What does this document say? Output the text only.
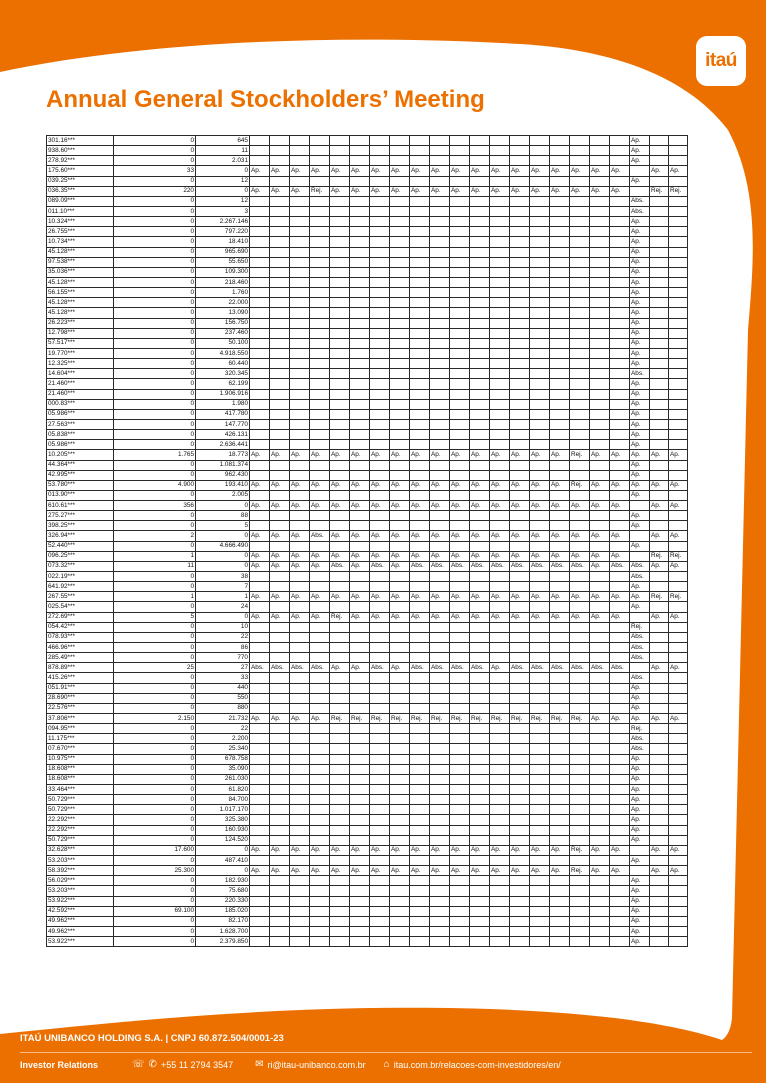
itaú
Annual General Stockholders’ Meeting
301.16***	0	645																				Ap.		
938.60***	0	11																				Ap.		
278.92***	0	2.031																				Ap.		
175.60***	33	0	Ap.	Ap.	Ap.	Ap.	Ap.	Ap.	Ap.	Ap.	Ap.	Ap.	Ap.	Ap.	Ap.	Ap.	Ap.	Ap.	Ap.	Ap.	Ap.		Ap.	Ap.
039.25***	0	12																				Ap.		
036.35***	220	0	Ap.	Ap.	Ap.	Rej.	Ap.	Ap.	Ap.	Ap.	Ap.	Ap.	Ap.	Ap.	Ap.	Ap.	Ap.	Ap.	Ap.	Ap.	Ap.		Rej.	Rej.
089.09***	0	12																				Abs.		
011.10***	0	3																				Abs.		
10.324***	0	2.267.146																				Ap.		
26.755***	0	797.220																				Ap.		
10.734***	0	18.410																				Ap.		
45.128***	0	965.690																				Ap.		
97.538***	0	55.650																				Ap.		
35.036***	0	109.300																				Ap.		
45.128***	0	218.460																				Ap.		
56.155***	0	1.760																				Ap.		
45.128***	0	22.000																				Ap.		
45.128***	0	13.090																				Ap.		
26.223***	0	156.750																				Ap.		
12.798***	0	237.460																				Ap.		
57.517***	0	50.100																				Ap.		
19.770***	0	4.918.550																				Ap.		
12.325***	0	60.440																				Ap.		
14.604***	0	320.345																				Abs.		
21.460***	0	62.199																				Ap.		
21.460***	0	1.906.916																				Ap.		
000.83***	0	1.980																				Ap.		
05.986***	0	417.780																				Ap.		
27.563***	0	147.770																				Ap.		
05.838***	0	426.131																				Ap.		
05.986***	0	2.636.441																				Ap.		
10.205***	1.765	18.773	Ap.	Ap.	Ap.	Ap.	Ap.	Ap.	Ap.	Ap.	Ap.	Ap.	Ap.	Ap.	Ap.	Ap.	Ap.	Ap.	Rej.	Ap.	Ap.	Ap.	Ap.	Ap.
44.364***	0	1.081.374																				Ap.		
42.995***	0	962.430																				Ap.		
53.780***	4.900	193.410	Ap.	Ap.	Ap.	Ap.	Ap.	Ap.	Ap.	Ap.	Ap.	Ap.	Ap.	Ap.	Ap.	Ap.	Ap.	Ap.	Rej.	Ap.	Ap.	Ap.	Ap.	Ap.
013.90***	0	2.005																				Ap.		
610.61***	356	0	Ap.	Ap.	Ap.	Ap.	Ap.	Ap.	Ap.	Ap.	Ap.	Ap.	Ap.	Ap.	Ap.	Ap.	Ap.	Ap.	Ap.	Ap.	Ap.		Ap.	Ap.
275.27***	0	88																				Ap.		
398.25***	0	5																				Ap.		
326.94***	2	0	Ap.	Ap.	Ap.	Abs.	Ap.	Ap.	Ap.	Ap.	Ap.	Ap.	Ap.	Ap.	Ap.	Ap.	Ap.	Ap.	Ap.	Ap.	Ap.		Ap.	Ap.
52.440***	0	4.666.490																				Ap.		
096.25***	1	0	Ap.	Ap.	Ap.	Ap.	Ap.	Ap.	Ap.	Ap.	Ap.	Ap.	Ap.	Ap.	Ap.	Ap.	Ap.	Ap.	Ap.	Ap.	Ap.		Rej.	Rej.
073.32***	11	0	Ap.	Ap.	Ap.	Ap.	Abs.	Ap.	Abs.	Ap.	Abs.	Abs.	Abs.	Abs.	Abs.	Abs.	Abs.	Abs.	Abs.	Ap.	Abs.	Abs.	Ap.	Ap.
022.19***	0	38																				Abs.		
641.92***	0	7																				Ap.		
267.55***	1	1	Ap.	Ap.	Ap.	Ap.	Ap.	Ap.	Ap.	Ap.	Ap.	Ap.	Ap.	Ap.	Ap.	Ap.	Ap.	Ap.	Ap.	Ap.	Ap.	Ap.	Rej.	Rej.
025.54***	0	24																				Ap.		
272.69***	5	0	Ap.	Ap.	Ap.	Ap.	Rej.	Ap.	Ap.	Ap.	Ap.	Ap.	Ap.	Ap.	Ap.	Ap.	Ap.	Ap.	Ap.	Ap.	Ap.		Ap.	Ap.
054.42***	0	10																				Rej.		
078.93***	0	22																				Abs.		
466.96***	0	86																				Abs.		
285.49***	0	770																				Abs.		
878.89***	25	27	Abs.	Abs.	Abs.	Abs.	Ap.	Ap.	Abs.	Ap.	Abs.	Abs.	Abs.	Abs.	Ap.	Abs.	Abs.	Abs.	Abs.	Abs.	Abs.		Ap.	Ap.
415.26***	0	33																				Abs.		
051.91***	0	440																				Ap.		
28.690***	0	550																				Ap.		
22.576***	0	880																				Ap.		
37.806***	2.150	21.732	Ap.	Ap.	Ap.	Ap.	Rej.	Rej.	Rej.	Rej.	Rej.	Rej.	Rej.	Rej.	Rej.	Rej.	Rej.	Rej.	Rej.	Ap.	Ap.	Ap.	Ap.	Ap.
094.95***	0	22																				Rej.		
11.175***	0	2.200																				Abs.		
07.670***	0	25.340																				Abs.		
10.975***	0	678.758																				Ap.		
18.608***	0	35.090																				Ap.		
18.608***	0	261.030																				Ap.		
33.464***	0	61.820																				Ap.		
50.729***	0	84.700																				Ap.		
50.729***	0	1.017.170																				Ap.		
22.292***	0	325.380																				Ap.		
22.292***	0	160.930																				Ap.		
50.729***	0	124.520																				Ap.		
32.628***	17.600	0	Ap.	Ap.	Ap.	Ap.	Ap.	Ap.	Ap.	Ap.	Ap.	Ap.	Ap.	Ap.	Ap.	Ap.	Ap.	Ap.	Rej.	Ap.	Ap.		Ap.	Ap.
53.203***	0	487.410																				Ap.		
58.392***	25.300	0	Ap.	Ap.	Ap.	Ap.	Ap.	Ap.	Ap.	Ap.	Ap.	Ap.	Ap.	Ap.	Ap.	Ap.	Ap.	Ap.	Rej.	Ap.	Ap.		Ap.	Ap.
56.029***	0	182.930																				Ap.		
53.203***	0	75.680																				Ap.		
53.922***	0	220.330																				Ap.		
42.592***	69.100	185.020																				Ap.		
49.962***	0	82.170																				Ap.		
49.962***	0	1.628.700																				Ap.		
53.922***	0	2.379.850																				Ap.		
ITAÚ UNIBANCO HOLDING S.A. | CNPJ 60.872.504/0001-23
Investor Relations	☏ ✆ +55 11 2794 3547 ✉ ri@itau-unibanco.com.br ⌂ itau.com.br/relacoes-com-investidores/en/
